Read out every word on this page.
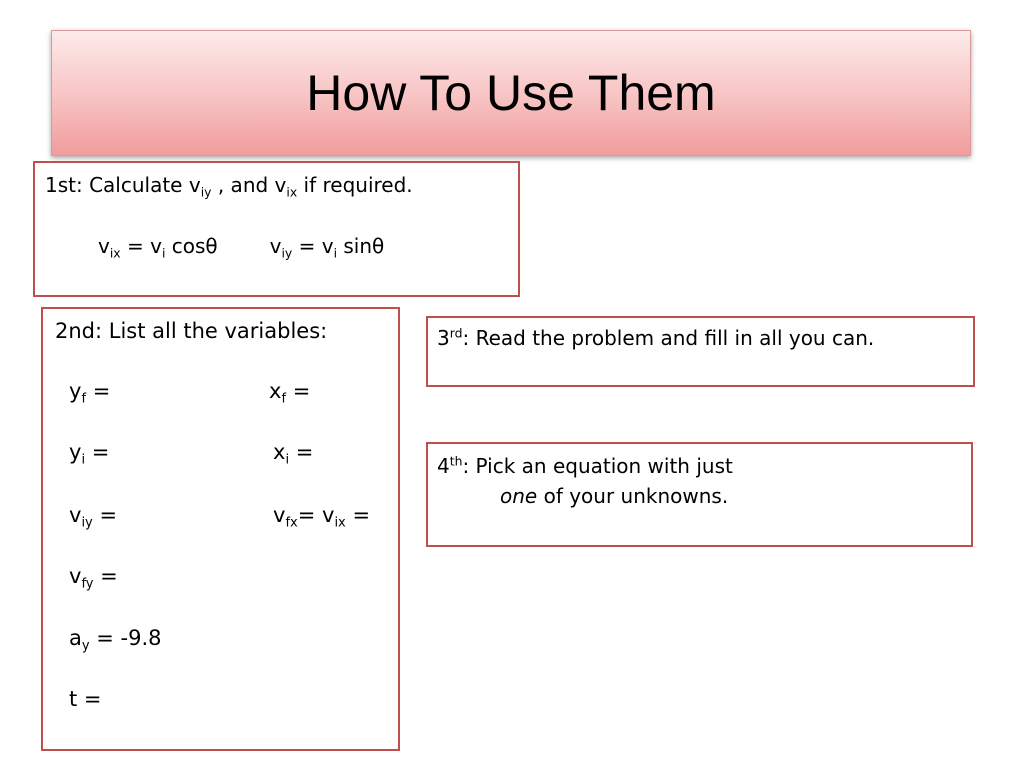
How To Use Them
1st: Calculate $v_{iy}$ , and $v_{ix}$ if required.
$v_{ix} = v_i$ cosθ	$v_{iy} = v_i$ sinθ
2nd: List all the variables:
$y_f$ =	$x_f$ =
$y_i$ =	$x_i$ =
$v_{iy}$ =	$v_{fx}= v_{ix}$ =
$v_{fy}$ =
$a_y = -9.8$
t =
3rd: Read the problem and fill in all you can.
4th: Pick an equation with just
one of your unknowns.
